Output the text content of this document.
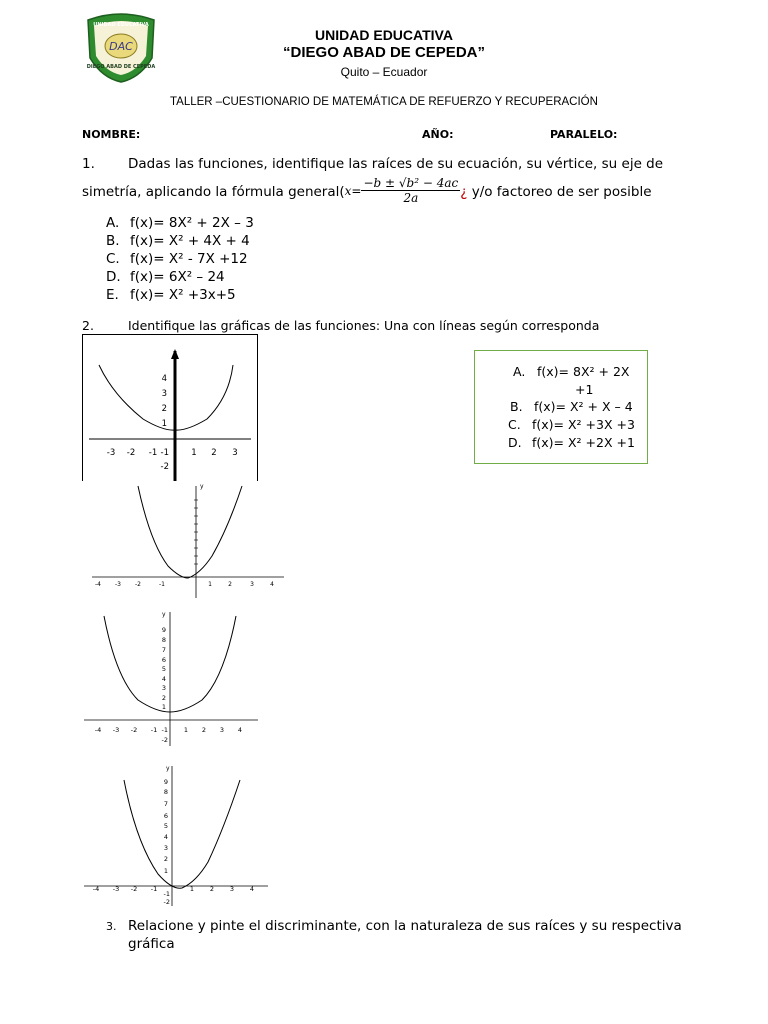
DAC
UNIDAD EDUCATIVA
DIEGO ABAD DE CEPEDA
UNIDAD EDUCATIVA
“DIEGO ABAD DE CEPEDA”
Quito – Ecuador
TALLER –CUESTIONARIO DE MATEMÁTICA DE REFUERZO Y RECUPERACIÓN
NOMBRE:	AÑO:	PARALELO:
1. Dadas las funciones, identifique las raíces de su ecuación, su vértice, su eje de
simetría, aplicando la fórmula general(x= $\frac{\text{−b ± √b² − 4ac}}{2a}$ ¿ y/o factoreo de ser posible
A. f(x)= 8X² + 2X – 3
B. f(x)= X² + 4X + 4
C. f(x)= X² - 7X +12
D. f(x)= 6X² – 24
E. f(x)= X² +3x+5
2.	Identifique las gráficas de las funciones: Una con líneas según corresponda
A. f(x)= 8X² + 2X
+1
B. f(x)= X² + X – 4
C. f(x)= X² +3X +3
D. f(x)= X² +2X +1
4
3
2
1
-1
-2
-3 -2 -1	1 2 3
y
-4 -3 -2	-1	1	2	3	4
y
9
8
7
6
5
4
3
2
1
-1
-2
-4 -3 -2 -1	1 2 3 4
y
9
8
7
6
5
4
3
2
1
-1
-2
-4 -3 -2 -1	1 2 3 4
3. Relacione y pinte el discriminante, con la naturaleza de sus raíces y su respectiva
gráfica
